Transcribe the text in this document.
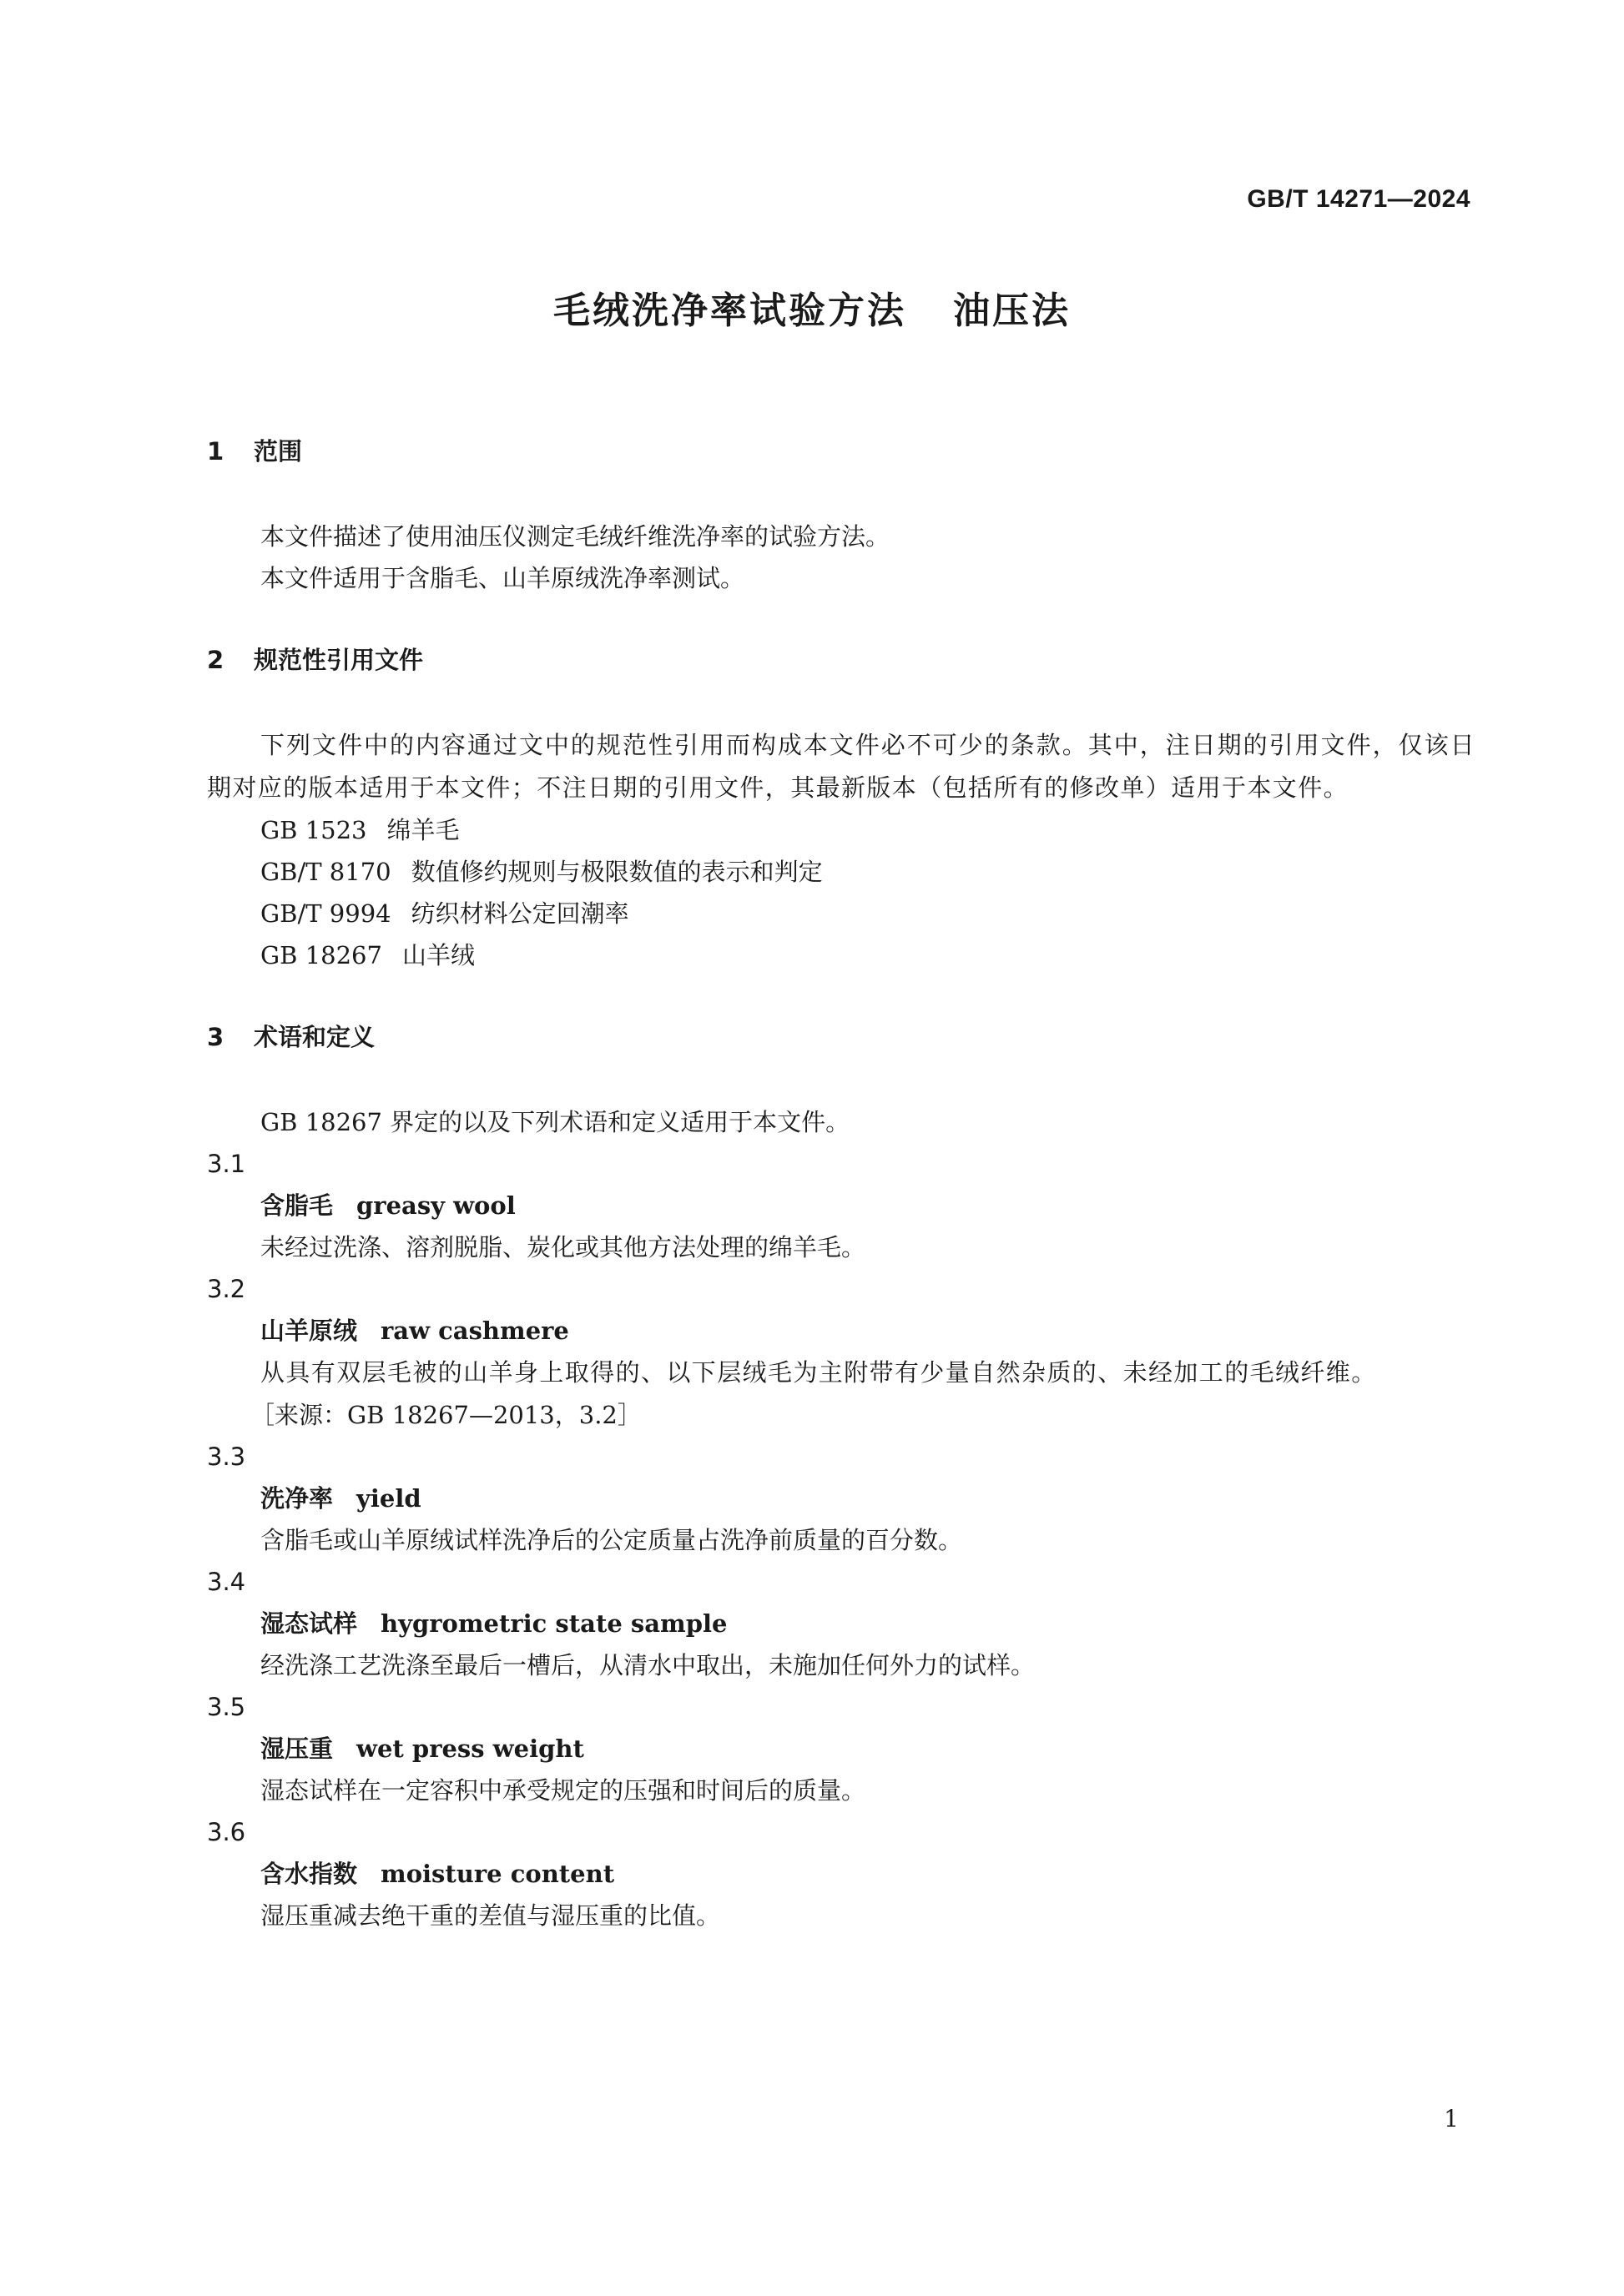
GB/T 14271—2024
毛绒洗净率试验方法 油压法
1 范围

本文件描述了使用油压仪测定毛绒纤维洗净率的试验方法。

本文件适用于含脂毛、山羊原绒洗净率测试。

2 规范性引用文件

下列文件中的内容通过文中的规范性引用而构成本文件必不可少的条款。其中，注日期的引用文件，仅该日期对应的版本适用于本文件；不注日期的引用文件，其最新版本（包括所有的修改单）适用于本文件。

GB 1523 绵羊毛

GB/T 8170 数值修约规则与极限数值的表示和判定

GB/T 9994 纺织材料公定回潮率

GB 18267 山羊绒

3 术语和定义

GB 18267 界定的以及下列术语和定义适用于本文件。

3.1
含脂毛 greasy wool

未经过洗涤、溶剂脱脂、炭化或其他方法处理的绵羊毛。

3.2
山羊原绒 raw cashmere

从具有双层毛被的山羊身上取得的、以下层绒毛为主附带有少量自然杂质的、未经加工的毛绒纤维。

［来源：GB 18267—2013，3.2］

3.3
洗净率 yield

含脂毛或山羊原绒试样洗净后的公定质量占洗净前质量的百分数。

3.4
湿态试样 hygrometric state sample

经洗涤工艺洗涤至最后一槽后，从清水中取出，未施加任何外力的试样。

3.5
湿压重 wet press weight

湿态试样在一定容积中承受规定的压强和时间后的质量。

3.6
含水指数 moisture content

湿压重减去绝干重的差值与湿压重的比值。

1
